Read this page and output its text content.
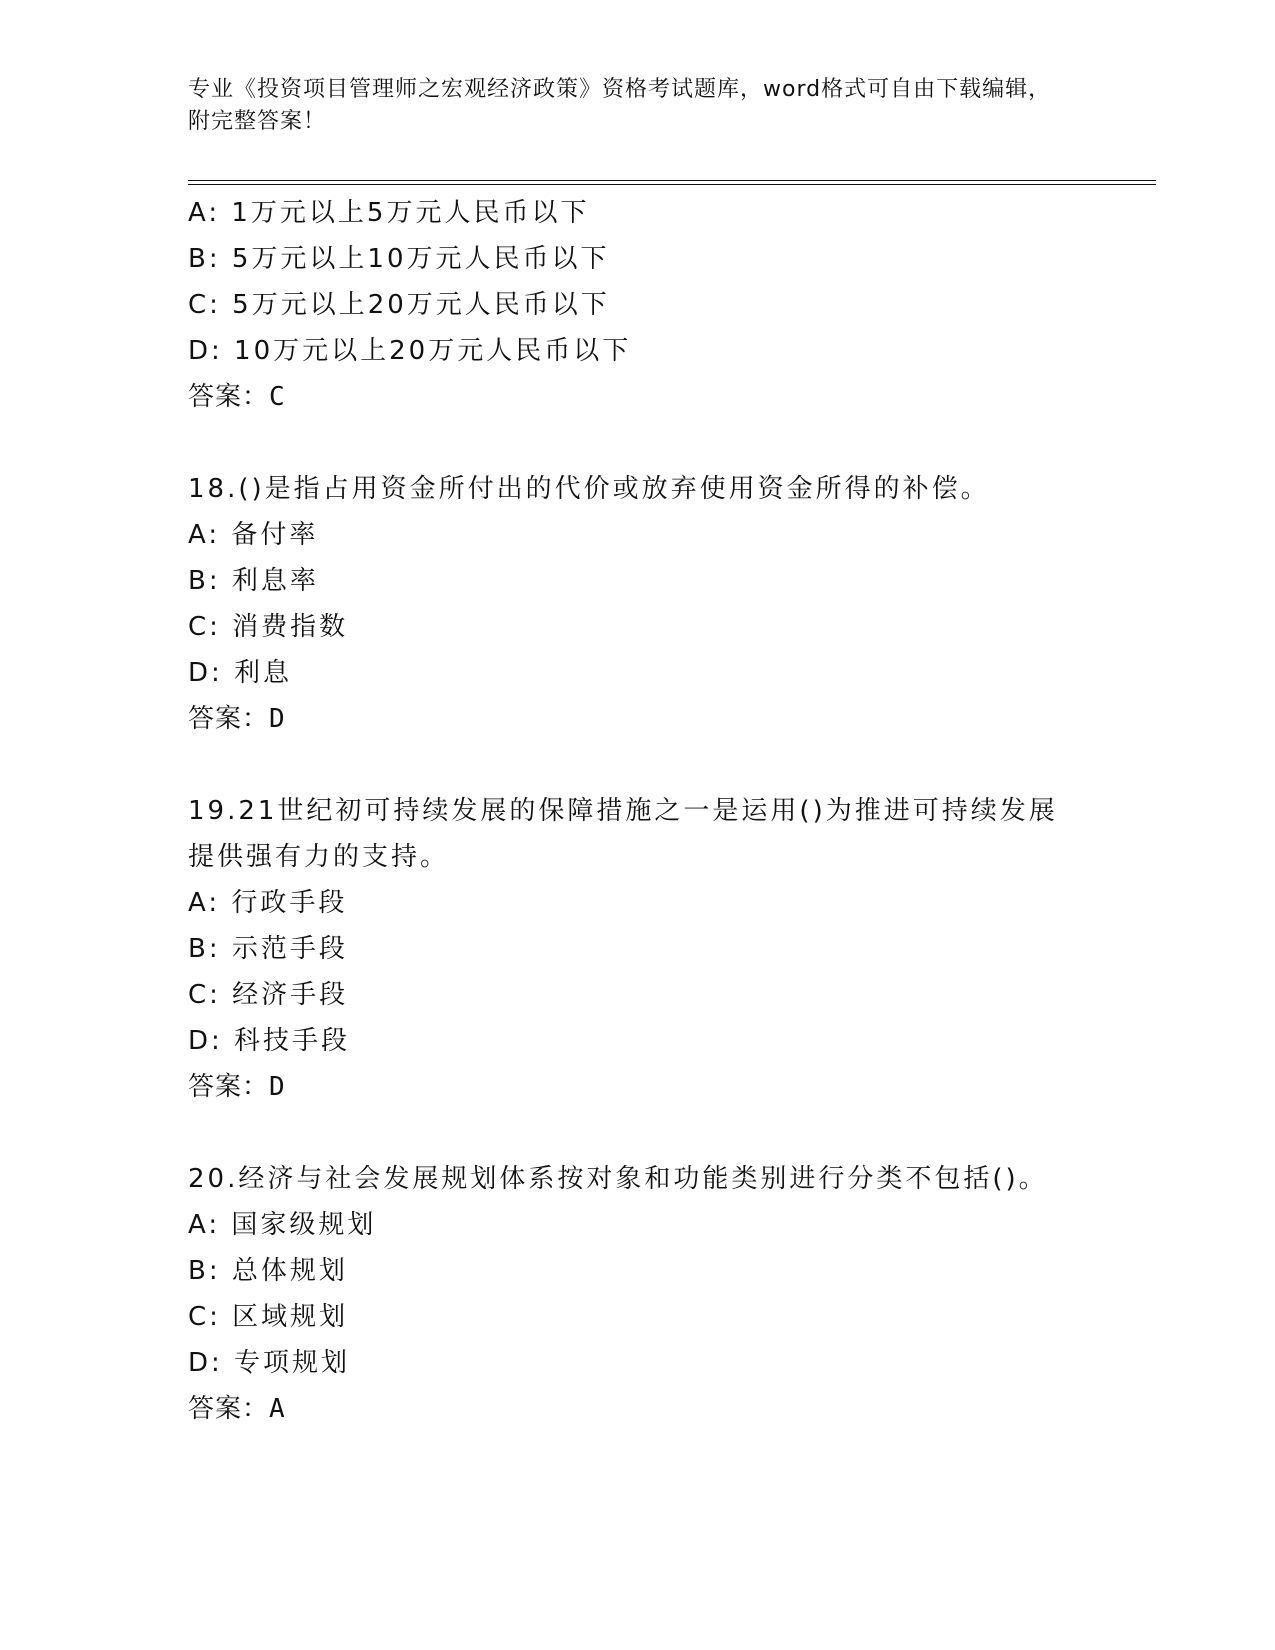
专业《投资项目管理师之宏观经济政策》资格考试题库，word格式可自由下载编辑，附完整答案！
A: 1万元以上5万元人民币以下
B: 5万元以上10万元人民币以下
C: 5万元以上20万元人民币以下
D: 10万元以上20万元人民币以下
答案：C
18.()是指占用资金所付出的代价或放弃使用资金所得的补偿。
A: 备付率
B: 利息率
C: 消费指数
D: 利息
答案：D
19.21世纪初可持续发展的保障措施之一是运用()为推进可持续发展提供强有力的支持。
A: 行政手段
B: 示范手段
C: 经济手段
D: 科技手段
答案：D
20.经济与社会发展规划体系按对象和功能类别进行分类不包括()。
A: 国家级规划
B: 总体规划
C: 区域规划
D: 专项规划
答案：A
